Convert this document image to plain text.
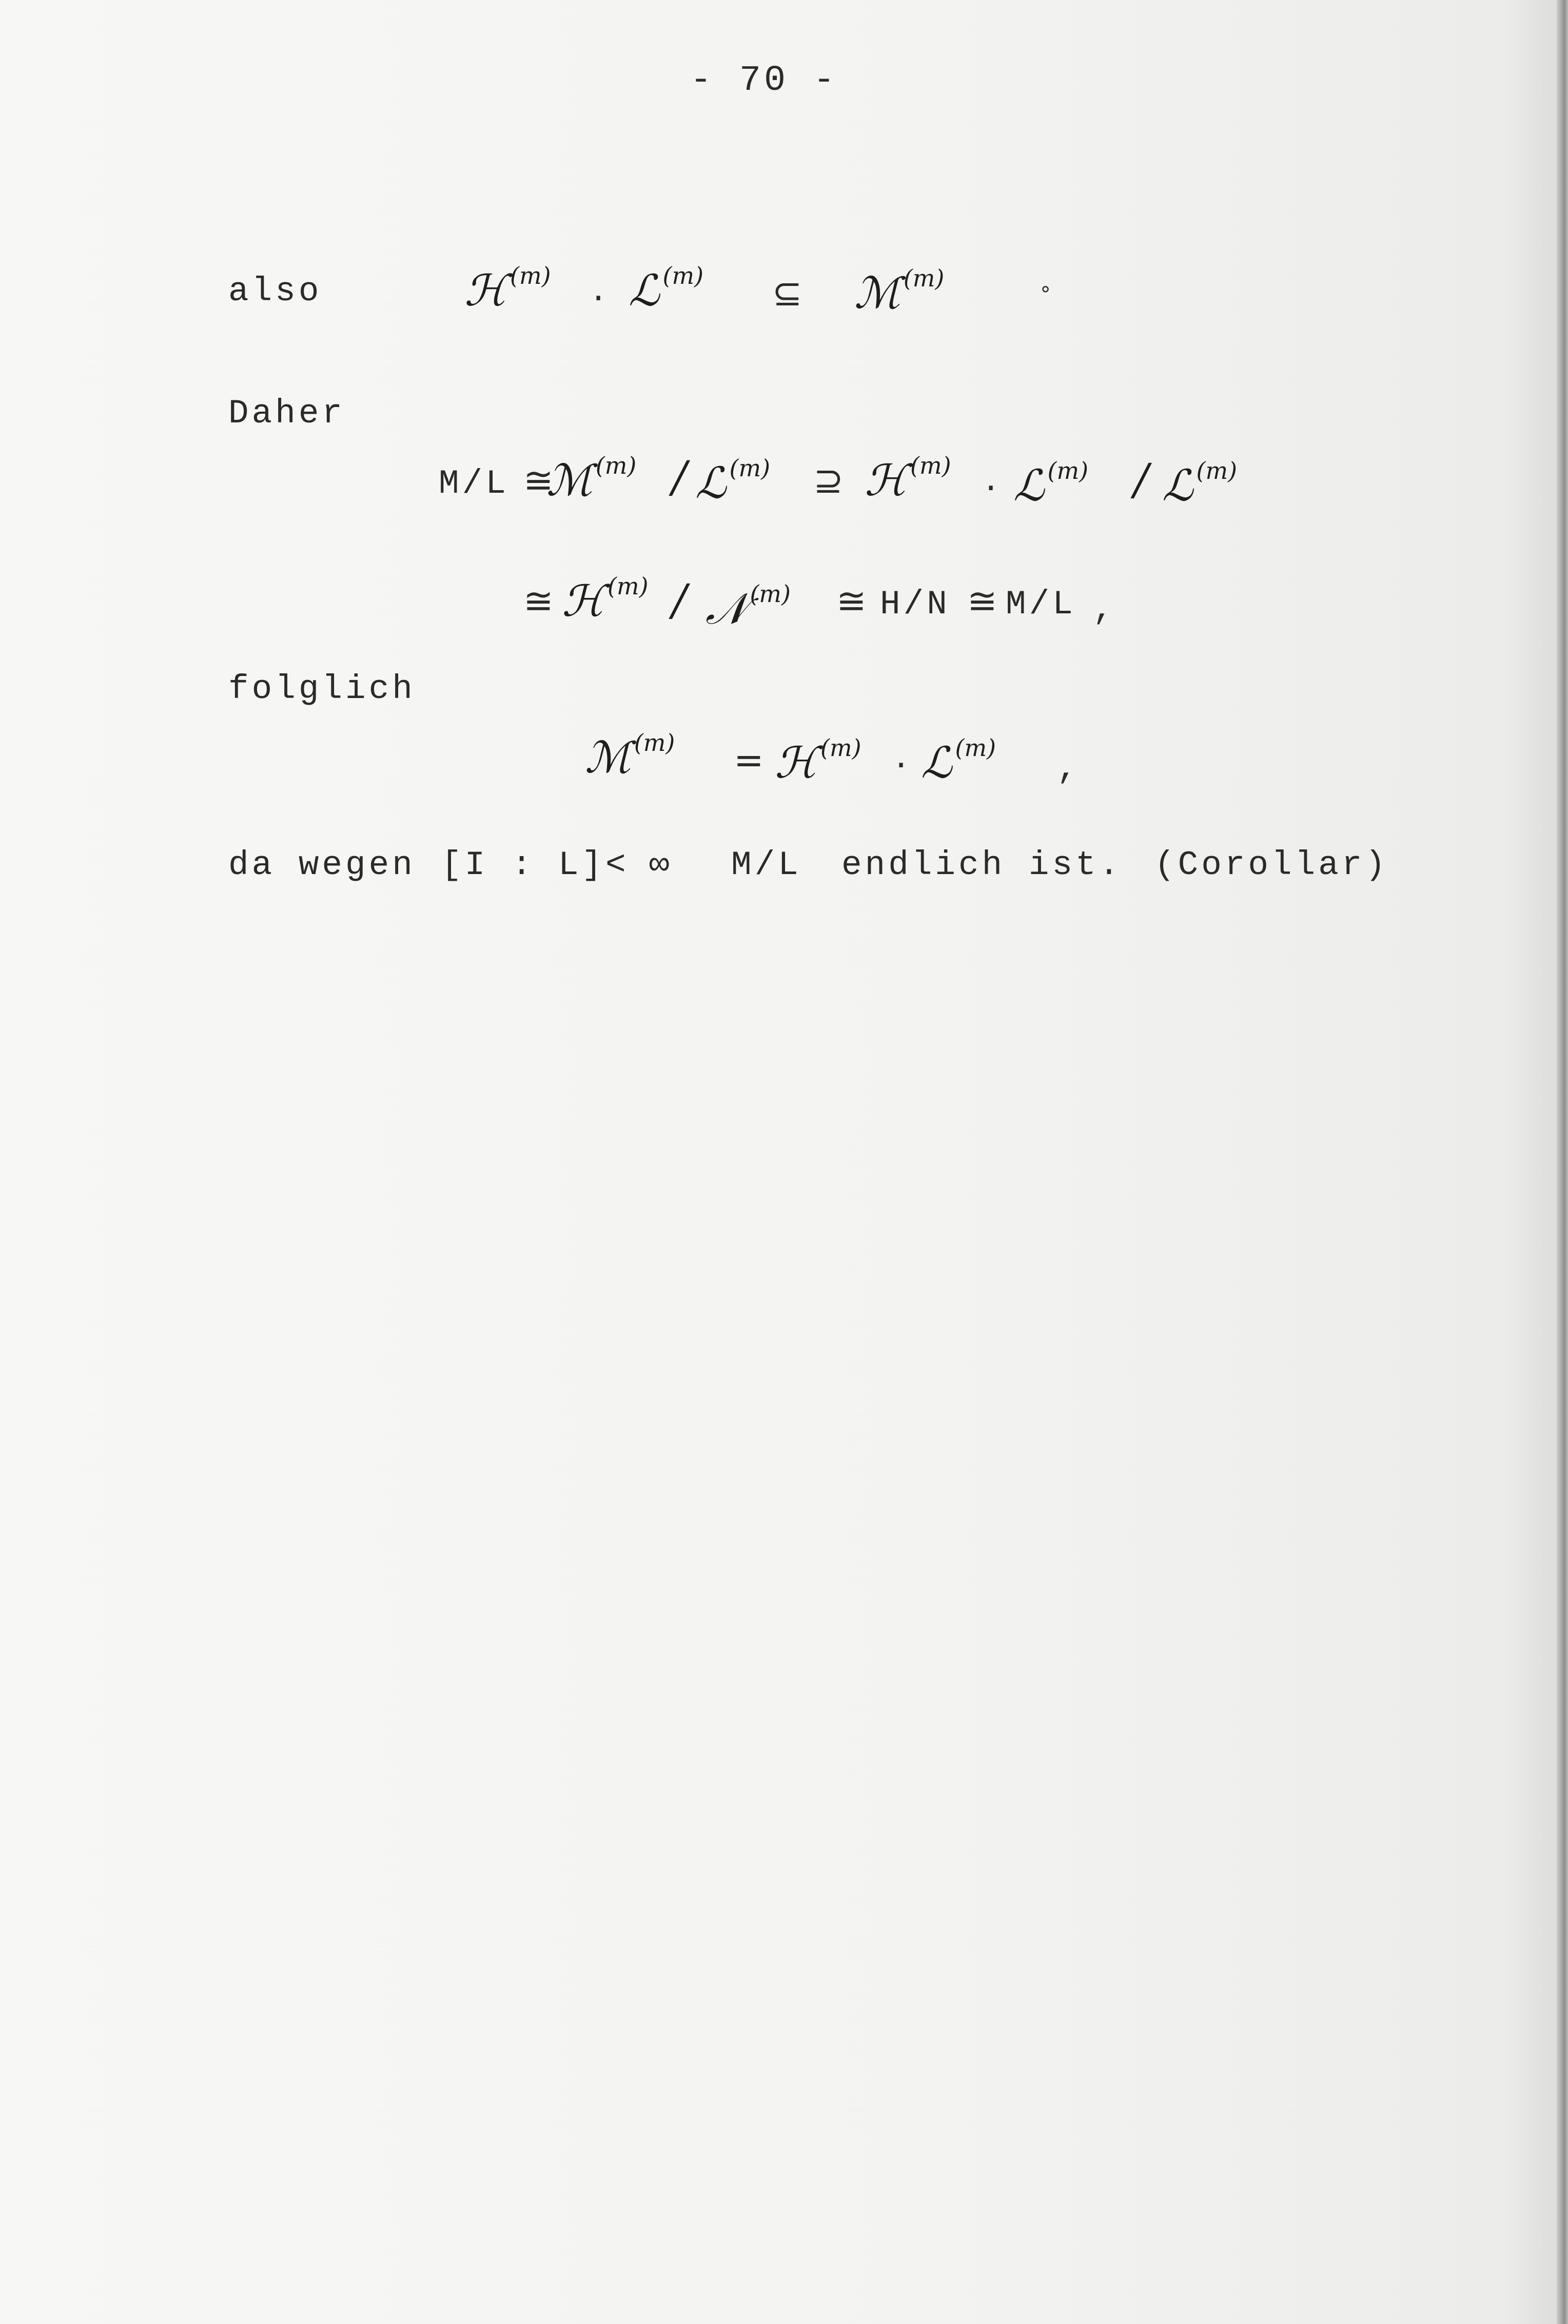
- 70 -
also	ℋ $^{(m)}$ . ℒ $^{(m)}$ ⊆ ℳ $^{(m)}$	∘
Daher
M/L ≅
ℳ $^{(m)}$ / ℒ $^{(m)}$ ⊇ ℋ $^{(m)}$ . ℒ $^{(m)}$ / ℒ $^{(m)}$
≅ ℋ $^{(m)}$ / 𝒩 $^{(m)}$ ≅ H/N ≅ M/L ,
folglich
ℳ $^{(m)}$ = ℋ $^{(m)}$ . ℒ $^{(m)}$
,
da wegen [I : L] < ∞ M/L endlich ist. (Corollar)
